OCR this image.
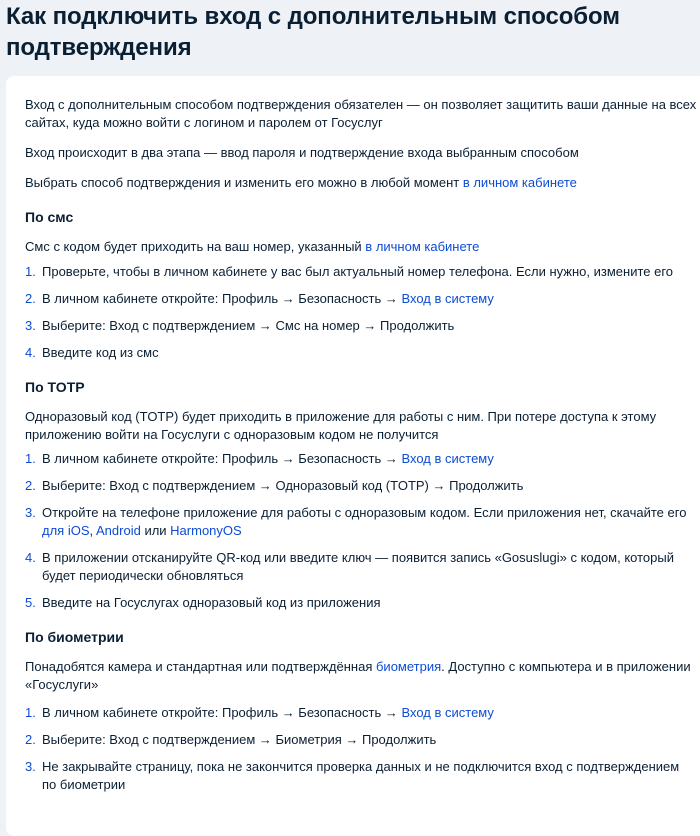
Как подключить вход с дополнительным способом подтверждения

Вход с дополнительным способом подтверждения обязателен — он позволяет защитить ваши данные на всех сайтах, куда можно войти с логином и паролем от Госуслуг

Вход происходит в два этапа — ввод пароля и подтверждение входа выбранным способом

Выбрать способ подтверждения и изменить его можно в любой момент в личном кабинете

По смс

Смс с кодом будет приходить на ваш номер, указанный в личном кабинете

1. Проверьте, чтобы в личном кабинете у вас был актуальный номер телефона. Если нужно, измените его
2. В личном кабинете откройте: Профиль → Безопасность → Вход в систему
3. Выберите: Вход с подтверждением → Смс на номер → Продолжить
4. Введите код из смс
По TOTP

Одноразовый код (TOTP) будет приходить в приложение для работы с ним. При потере доступа к этому приложению войти на Госуслуги с одноразовым кодом не получится

1. В личном кабинете откройте: Профиль → Безопасность → Вход в систему
2. Выберите: Вход с подтверждением → Одноразовый код (TOTP) → Продолжить
3. Откройте на телефоне приложение для работы с одноразовым кодом. Если приложения нет, скачайте его для iOS, Android или HarmonyOS
4. В приложении отсканируйте QR-код или введите ключ — появится запись «Gosuslugi» с кодом, который будет периодически обновляться
5. Введите на Госуслугах одноразовый код из приложения
По биометрии

Понадобятся камера и стандартная или подтверждённая биометрия. Доступно с компьютера и в приложении «Госуслуги»

1. В личном кабинете откройте: Профиль → Безопасность → Вход в систему
2. Выберите: Вход с подтверждением → Биометрия → Продолжить
3. Не закрывайте страницу, пока не закончится проверка данных и не подключится вход с подтверждением по биометрии
